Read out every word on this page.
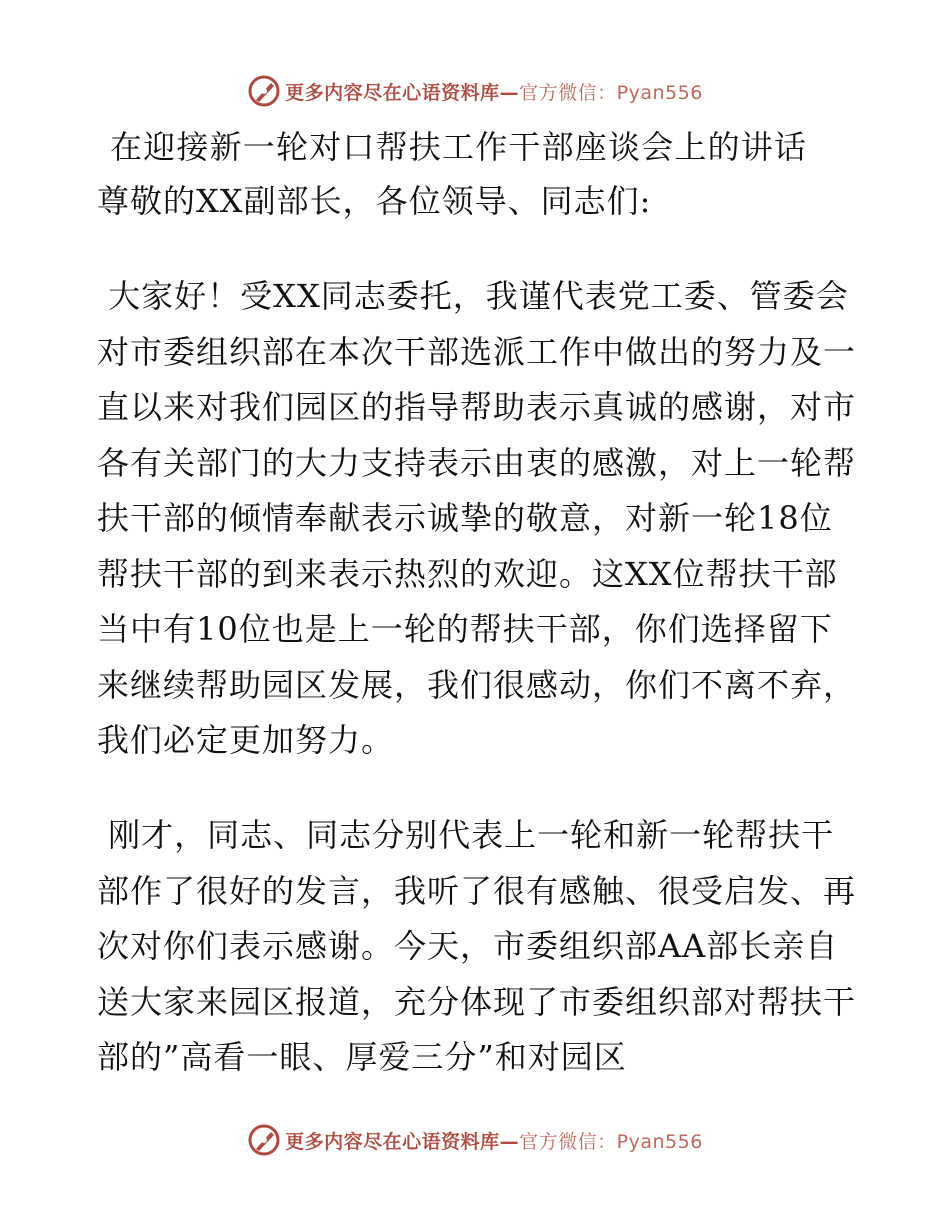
更多内容尽在心语资料库—官方微信：Pyan556
在迎接新一轮对口帮扶工作干部座谈会上的讲话
尊敬的XX副部长，各位领导、同志们:
大家好！受XX同志委托，我谨代表党工委、管委会对市委组织部在本次干部选派工作中做出的努力及一直以来对我们园区的指导帮助表示真诚的感谢，对市各有关部门的大力支持表示由衷的感激，对上一轮帮扶干部的倾情奉献表示诚挚的敬意，对新一轮18位帮扶干部的到来表示热烈的欢迎。这XX位帮扶干部当中有10位也是上一轮的帮扶干部，你们选择留下来继续帮助园区发展，我们很感动，你们不离不弃，我们必定更加努力。
刚才，同志、同志分别代表上一轮和新一轮帮扶干部作了很好的发言，我听了很有感触、很受启发、再次对你们表示感谢。今天，市委组织部AA部长亲自送大家来园区报道，充分体现了市委组织部对帮扶干部的”高看一眼、厚爱三分”和对园区
更多内容尽在心语资料库—官方微信：Pyan556
